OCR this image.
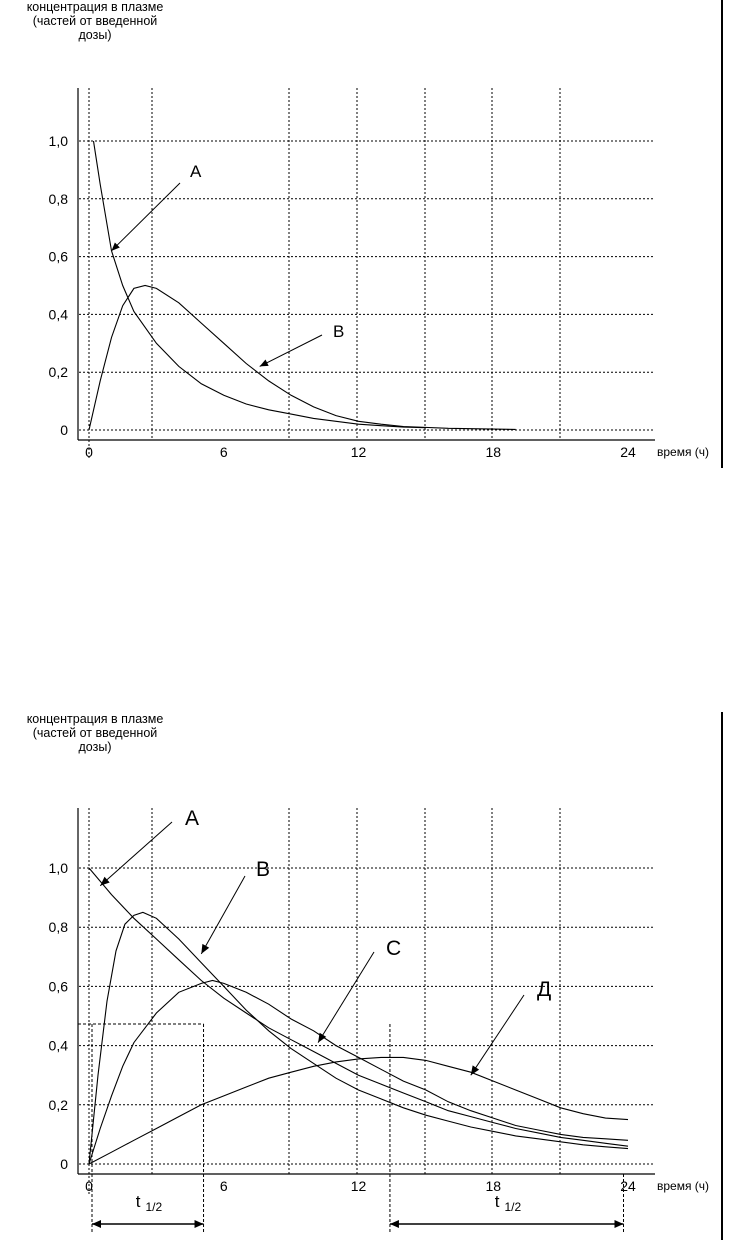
концентрация в плазме
(частей от введенной
дозы)
0
0,2
0,4
0,6
0,8
1,0
0	6	12	18	24 время (ч)
A
B
концентрация в плазме
(частей от введенной
дозы)
0
0,2
0,4
0,6
0,8
1,0
0	6	12	18	24 время (ч)
A
B
C
Д
t $_{1/2}$	t $_{1/2}$
